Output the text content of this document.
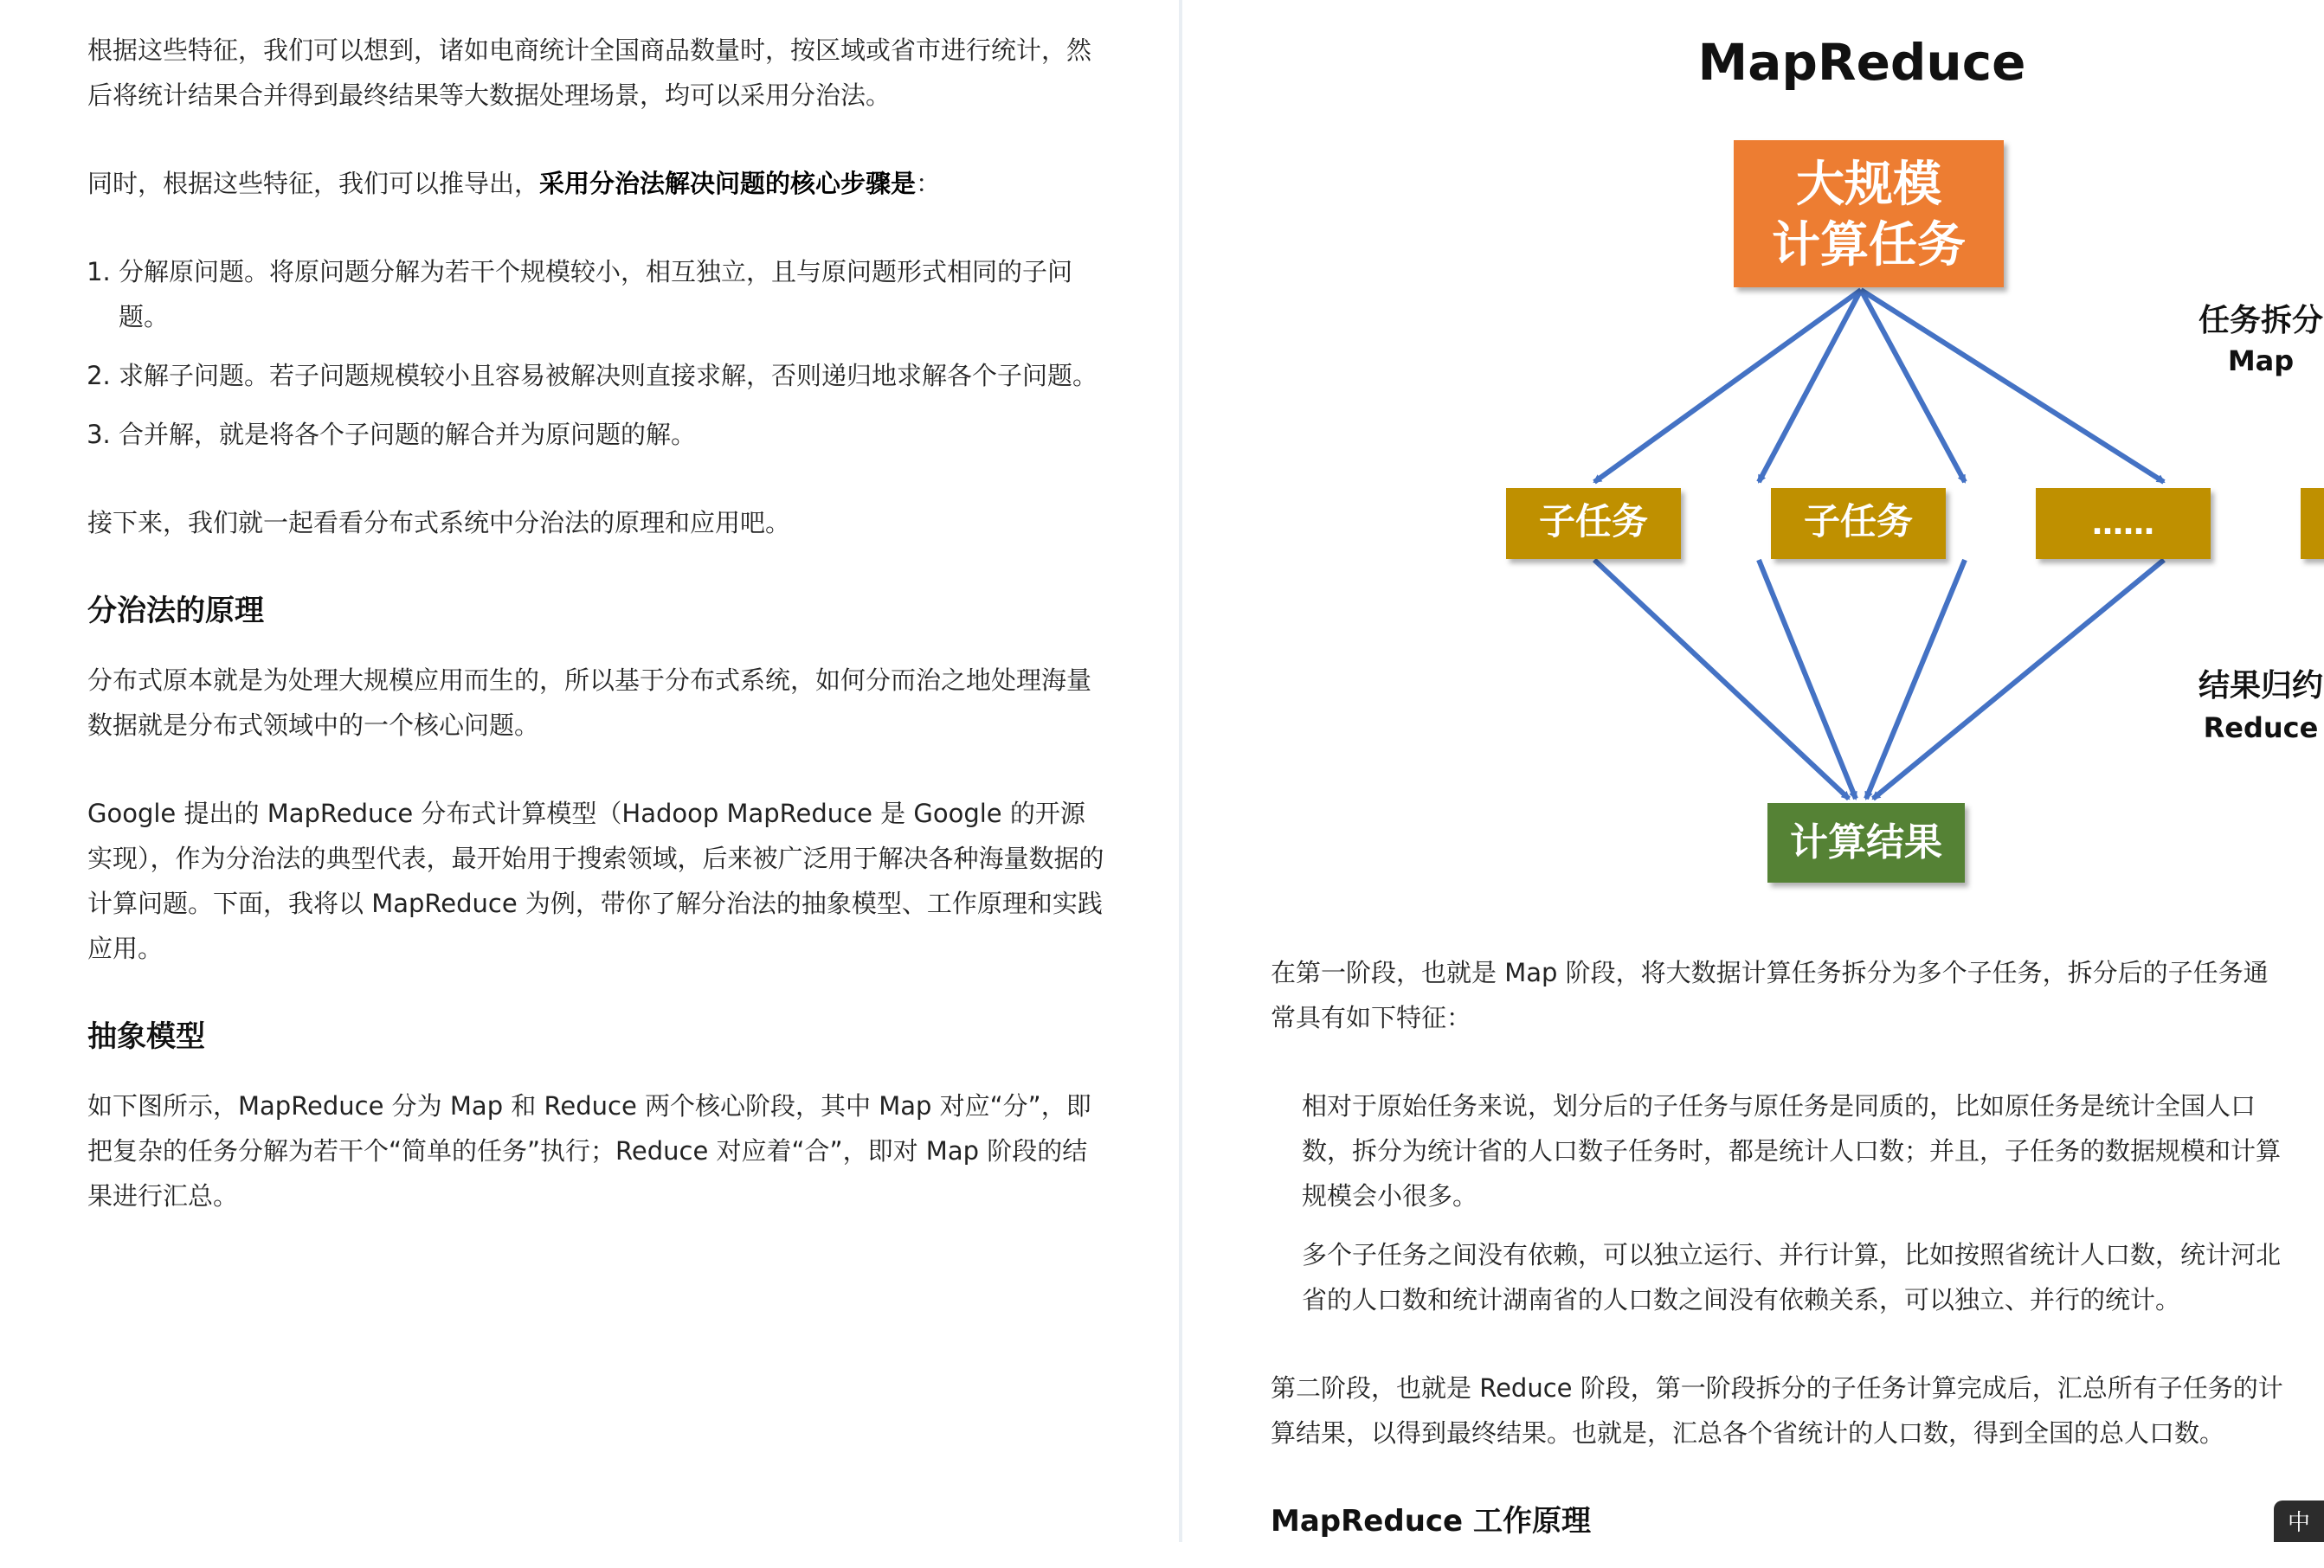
根据这些特征，我们可以想到，诸如电商统计全国商品数量时，按区域或省市进行统计，然后将统计结果合并得到最终结果等大数据处理场景，均可以采用分治法。

同时，根据这些特征，我们可以推导出，采用分治法解决问题的核心步骤是：

1. 分解原问题。将原问题分解为若干个规模较小，相互独立，且与原问题形式相同的子问题。
2. 求解子问题。若子问题规模较小且容易被解决则直接求解，否则递归地求解各个子问题。
3. 合并解，就是将各个子问题的解合并为原问题的解。

接下来，我们就一起看看分布式系统中分治法的原理和应用吧。

分治法的原理

分布式原本就是为处理大规模应用而生的，所以基于分布式系统，如何分而治之地处理海量数据就是分布式领域中的一个核心问题。

Google 提出的 MapReduce 分布式计算模型（Hadoop MapReduce 是 Google 的开源实现），作为分治法的典型代表，最开始用于搜索领域，后来被广泛用于解决各种海量数据的计算问题。下面，我将以 MapReduce 为例，带你了解分治法的抽象模型、工作原理和实践应用。

抽象模型

如下图所示，MapReduce 分为 Map 和 Reduce 两个核心阶段，其中 Map 对应“分”，即把复杂的任务分解为若干个“简单的任务”执行；Reduce 对应着“合”，即对 Map 阶段的结果进行汇总。

MapReduce
大规模
计算任务
子任务	子任务	……
计算结果
任务拆分
Map
结果归约
Reduce

在第一阶段，也就是 Map 阶段，将大数据计算任务拆分为多个子任务，拆分后的子任务通常具有如下特征：

相对于原始任务来说，划分后的子任务与原任务是同质的，比如原任务是统计全国人口数，拆分为统计省的人口数子任务时，都是统计人口数；并且，子任务的数据规模和计算规模会小很多。

多个子任务之间没有依赖，可以独立运行、并行计算，比如按照省统计人口数，统计河北省的人口数和统计湖南省的人口数之间没有依赖关系，可以独立、并行的统计。

第二阶段，也就是 Reduce 阶段，第一阶段拆分的子任务计算完成后，汇总所有子任务的计算结果，以得到最终结果。也就是，汇总各个省统计的人口数，得到全国的总人口数。

MapReduce 工作原理	中
